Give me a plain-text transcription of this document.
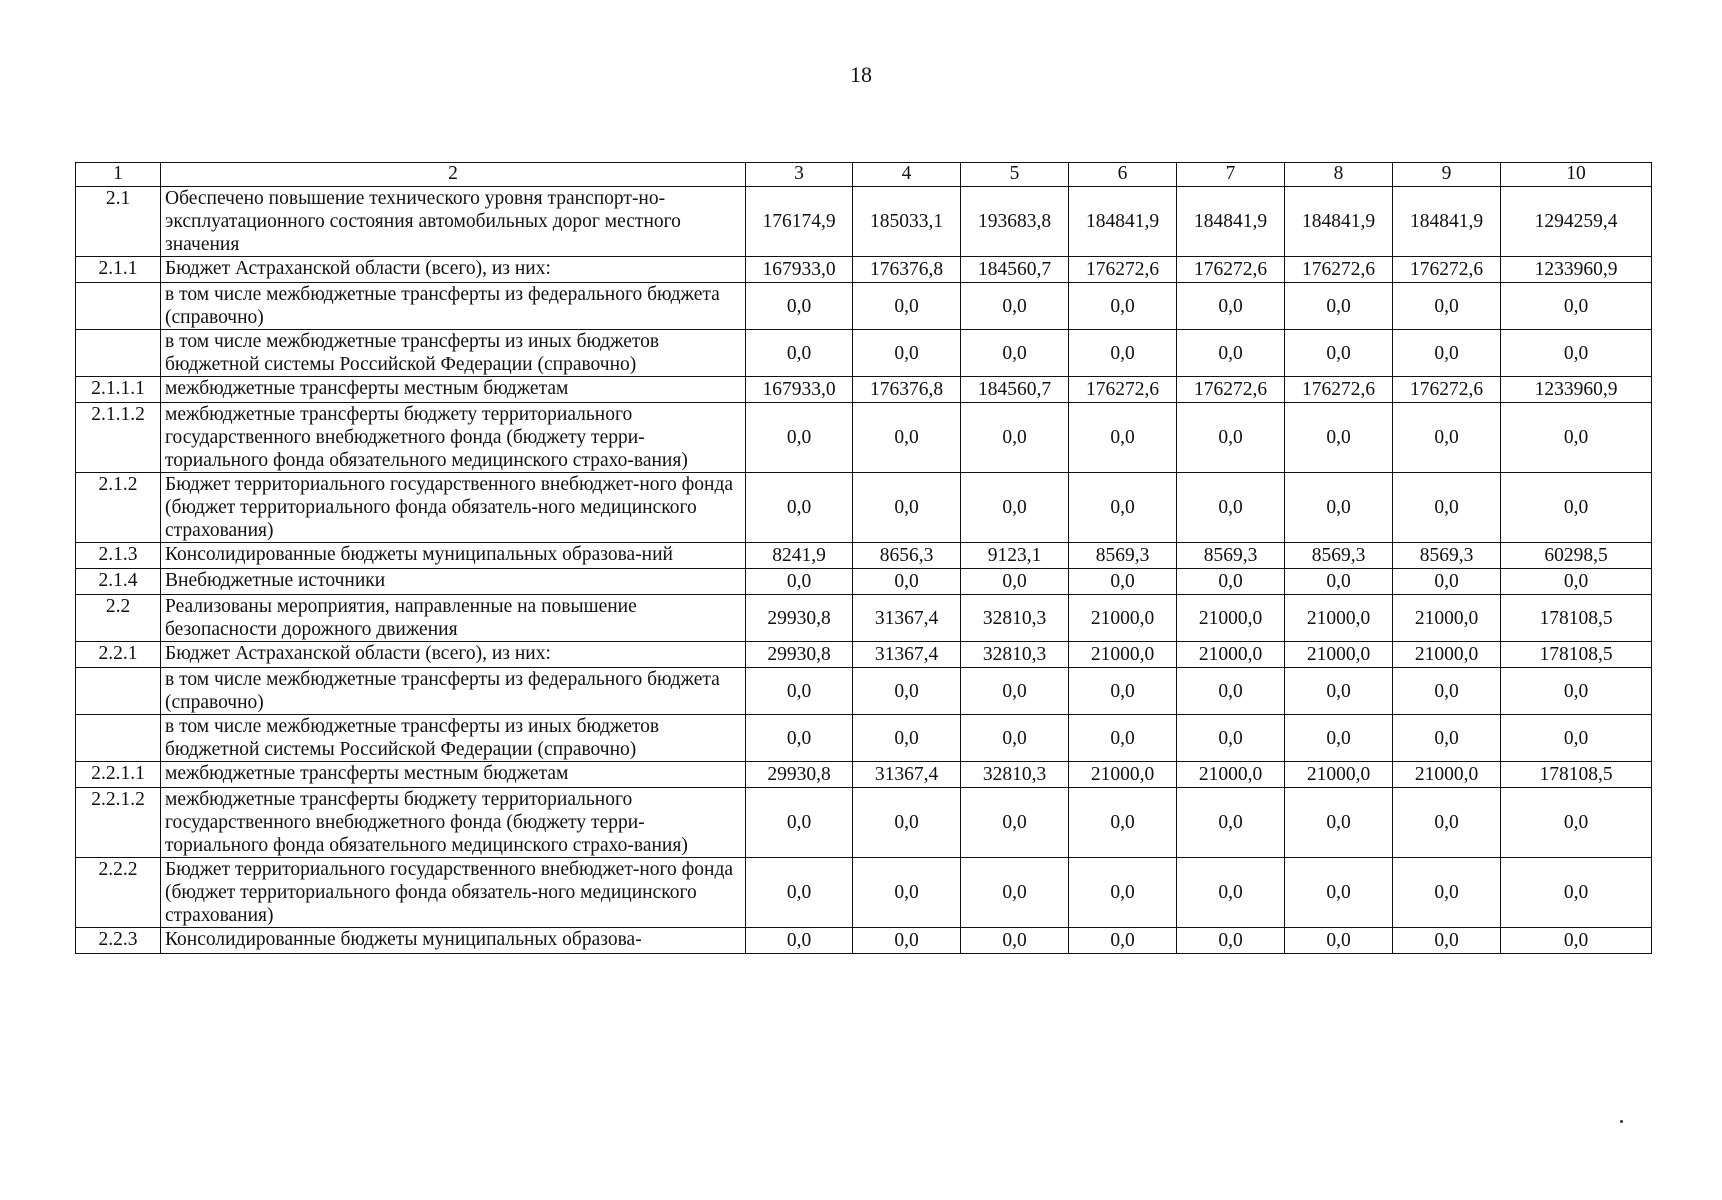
18
1	2	3	4	5	6	7	8	9	10
2.1	Обеспечено повышение технического уровня транспорт-но-эксплуатационного состояния автомобильных дорог местного значения	176174,9	185033,1	193683,8	184841,9	184841,9	184841,9	184841,9	1294259,4
2.1.1	Бюджет Астраханской области (всего), из них:	167933,0	176376,8	184560,7	176272,6	176272,6	176272,6	176272,6	1233960,9
	в том числе межбюджетные трансферты из федерального бюджета (справочно)	0,0	0,0	0,0	0,0	0,0	0,0	0,0	0,0
	в том числе межбюджетные трансферты из иных бюджетов бюджетной системы Российской Федерации (справочно)	0,0	0,0	0,0	0,0	0,0	0,0	0,0	0,0
2.1.1.1	межбюджетные трансферты местным бюджетам	167933,0	176376,8	184560,7	176272,6	176272,6	176272,6	176272,6	1233960,9
2.1.1.2	межбюджетные трансферты бюджету территориального государственного внебюджетного фонда (бюджету терри-ториального фонда обязательного медицинского страхо-вания)	0,0	0,0	0,0	0,0	0,0	0,0	0,0	0,0
2.1.2	Бюджет территориального государственного внебюджет-ного фонда (бюджет территориального фонда обязатель-ного медицинского страхования)	0,0	0,0	0,0	0,0	0,0	0,0	0,0	0,0
2.1.3	Консолидированные бюджеты муниципальных образова-ний	8241,9	8656,3	9123,1	8569,3	8569,3	8569,3	8569,3	60298,5
2.1.4	Внебюджетные источники	0,0	0,0	0,0	0,0	0,0	0,0	0,0	0,0
2.2	Реализованы мероприятия, направленные на повышение безопасности дорожного движения	29930,8	31367,4	32810,3	21000,0	21000,0	21000,0	21000,0	178108,5
2.2.1	Бюджет Астраханской области (всего), из них:	29930,8	31367,4	32810,3	21000,0	21000,0	21000,0	21000,0	178108,5
	в том числе межбюджетные трансферты из федерального бюджета (справочно)	0,0	0,0	0,0	0,0	0,0	0,0	0,0	0,0
	в том числе межбюджетные трансферты из иных бюджетов бюджетной системы Российской Федерации (справочно)	0,0	0,0	0,0	0,0	0,0	0,0	0,0	0,0
2.2.1.1	межбюджетные трансферты местным бюджетам	29930,8	31367,4	32810,3	21000,0	21000,0	21000,0	21000,0	178108,5
2.2.1.2	межбюджетные трансферты бюджету территориального государственного внебюджетного фонда (бюджету терри-ториального фонда обязательного медицинского страхо-вания)	0,0	0,0	0,0	0,0	0,0	0,0	0,0	0,0
2.2.2	Бюджет территориального государственного внебюджет-ного фонда (бюджет территориального фонда обязатель-ного медицинского страхования)	0,0	0,0	0,0	0,0	0,0	0,0	0,0	0,0
2.2.3	Консолидированные бюджеты муниципальных образова-	0,0	0,0	0,0	0,0	0,0	0,0	0,0	0,0
